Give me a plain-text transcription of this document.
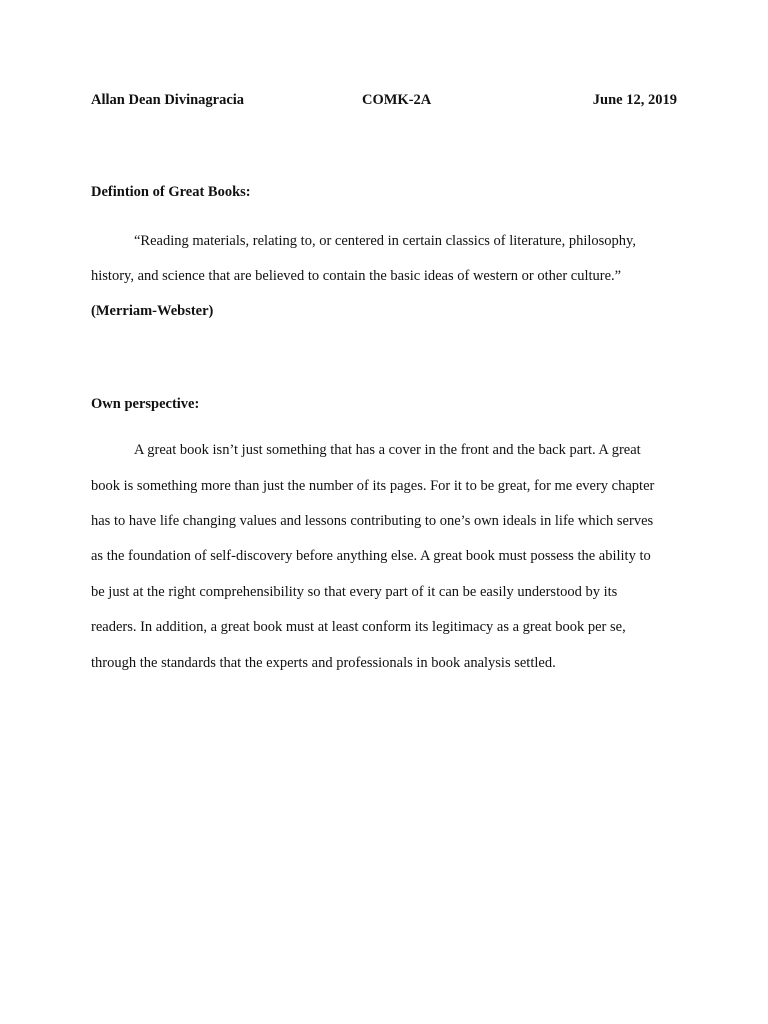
Allan Dean Divinagracia	COMK-2A	June 12, 2019
Defintion of Great Books:
“Reading materials, relating to, or centered in certain classics of literature, philosophy,
history, and science that are believed to contain the basic ideas of western or other culture.”
(Merriam-Webster)
Own perspective:
A great book isn’t just something that has a cover in the front and the back part. A great
book is something more than just the number of its pages. For it to be great, for me every chapter
has to have life changing values and lessons contributing to one’s own ideals in life which serves
as the foundation of self-discovery before anything else. A great book must possess the ability to
be just at the right comprehensibility so that every part of it can be easily understood by its
readers. In addition, a great book must at least conform its legitimacy as a great book per se,
through the standards that the experts and professionals in book analysis settled.
